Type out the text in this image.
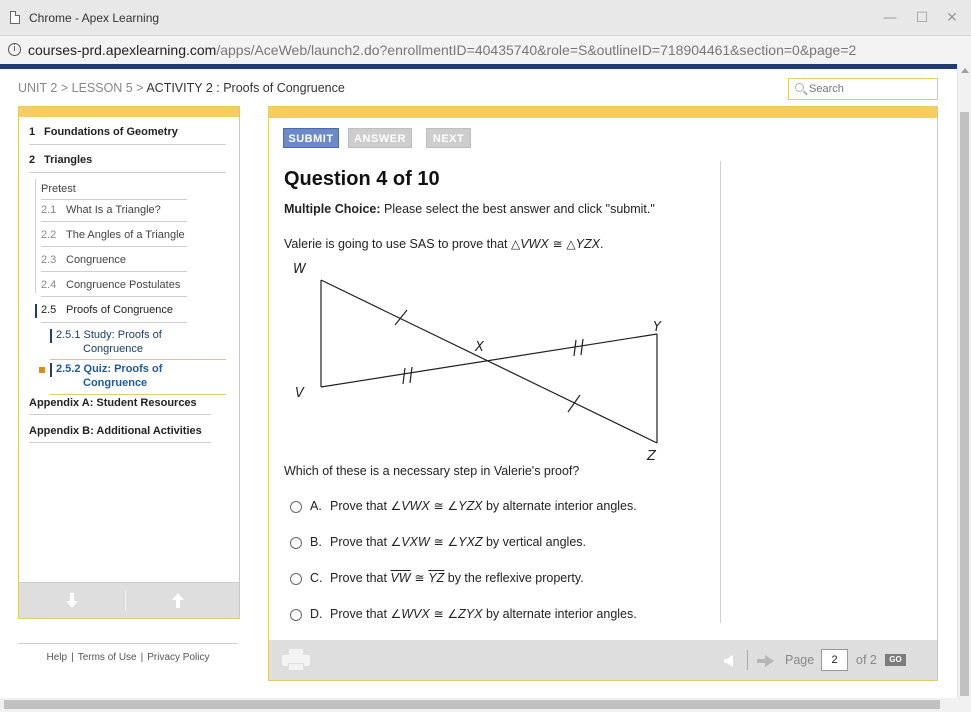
Chrome - Apex Learning	— ☐ ✕
i courses-prd.apexlearning.com/apps/AceWeb/launch2.do?enrollmentID=40435740&role=S&outlineID=718904461&section=0&page=2
UNIT 2 > LESSON 5 > ACTIVITY 2 : Proofs of Congruence
Search
1 Foundations of Geometry
2 Triangles
Pretest
2.1 What Is a Triangle?
2.2 The Angles of a Triangle
2.3 Congruence
2.4 Congruence Postulates
2.5 Proofs of Congruence
2.5.1 Study: Proofs of
Congruence
2.5.2 Quiz: Proofs of
Congruence
Appendix A: Student Resources
Appendix B: Additional Activities
Help | Terms of Use | Privacy Policy
SUBMIT	ANSWER	NEXT
Question 4 of 10
Multiple Choice: Please select the best answer and click "submit."
Valerie is going to use SAS to prove that △VWX ≅ △YZX.
W
V
X
Y
Z
Which of these is a necessary step in Valerie's proof?
A. Prove that ∠VWX ≅ ∠YZX by alternate interior angles.
B. Prove that ∠VXW ≅ ∠YXZ by vertical angles.
C. Prove that $\overline{VW}$ ≅ $\overline{YZ}$ by the reflexive property.
D. Prove that ∠WVX ≅ ∠ZYX by alternate interior angles.
Page
2	of 2	GO
